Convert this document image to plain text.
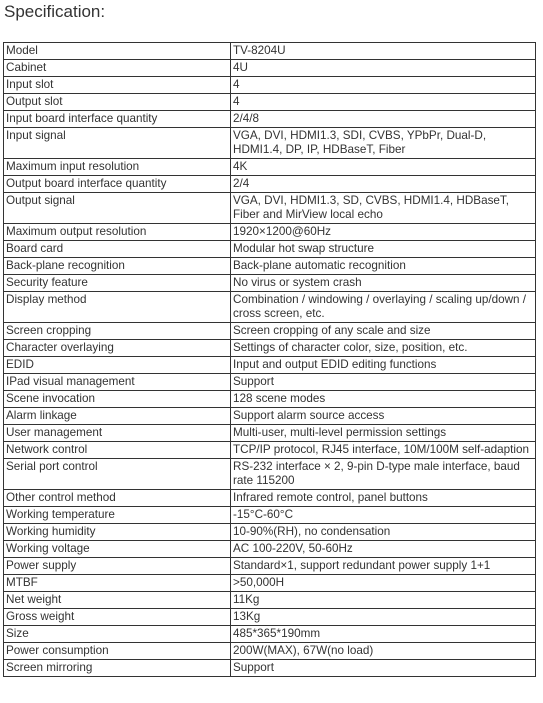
Specification:
Model	TV-8204U
Cabinet	4U
Input slot	4
Output slot	4
Input board interface quantity	2/4/8
Input signal	VGA, DVI, HDMI1.3, SDI, CVBS, YPbPr, Dual-D, HDMI1.4, DP, IP, HDBaseT, Fiber
Maximum input resolution	4K
Output board interface quantity	2/4
Output signal	VGA, DVI, HDMI1.3, SD, CVBS, HDMI1.4, HDBaseT, Fiber and MirView local echo
Maximum output resolution	1920×1200@60Hz
Board card	Modular hot swap structure
Back-plane recognition	Back-plane automatic recognition
Security feature	No virus or system crash
Display method	Combination / windowing / overlaying / scaling up/down / cross screen, etc.
Screen cropping	Screen cropping of any scale and size
Character overlaying	Settings of character color, size, position, etc.
EDID	Input and output EDID editing functions
IPad visual management	Support
Scene invocation	128 scene modes
Alarm linkage	Support alarm source access
User management	Multi-user, multi-level permission settings
Network control	TCP/IP protocol, RJ45 interface, 10M/100M self-adaption
Serial port control	RS-232 interface × 2, 9-pin D-type male interface, baud rate 115200
Other control method	Infrared remote control, panel buttons
Working temperature	-15°C-60°C
Working humidity	10-90%(RH), no condensation
Working voltage	AC 100-220V, 50-60Hz
Power supply	Standard×1, support redundant power supply 1+1
MTBF	>50,000H
Net weight	11Kg
Gross weight	13Kg
Size	485*365*190mm
Power consumption	200W(MAX), 67W(no load)
Screen mirroring	Support
